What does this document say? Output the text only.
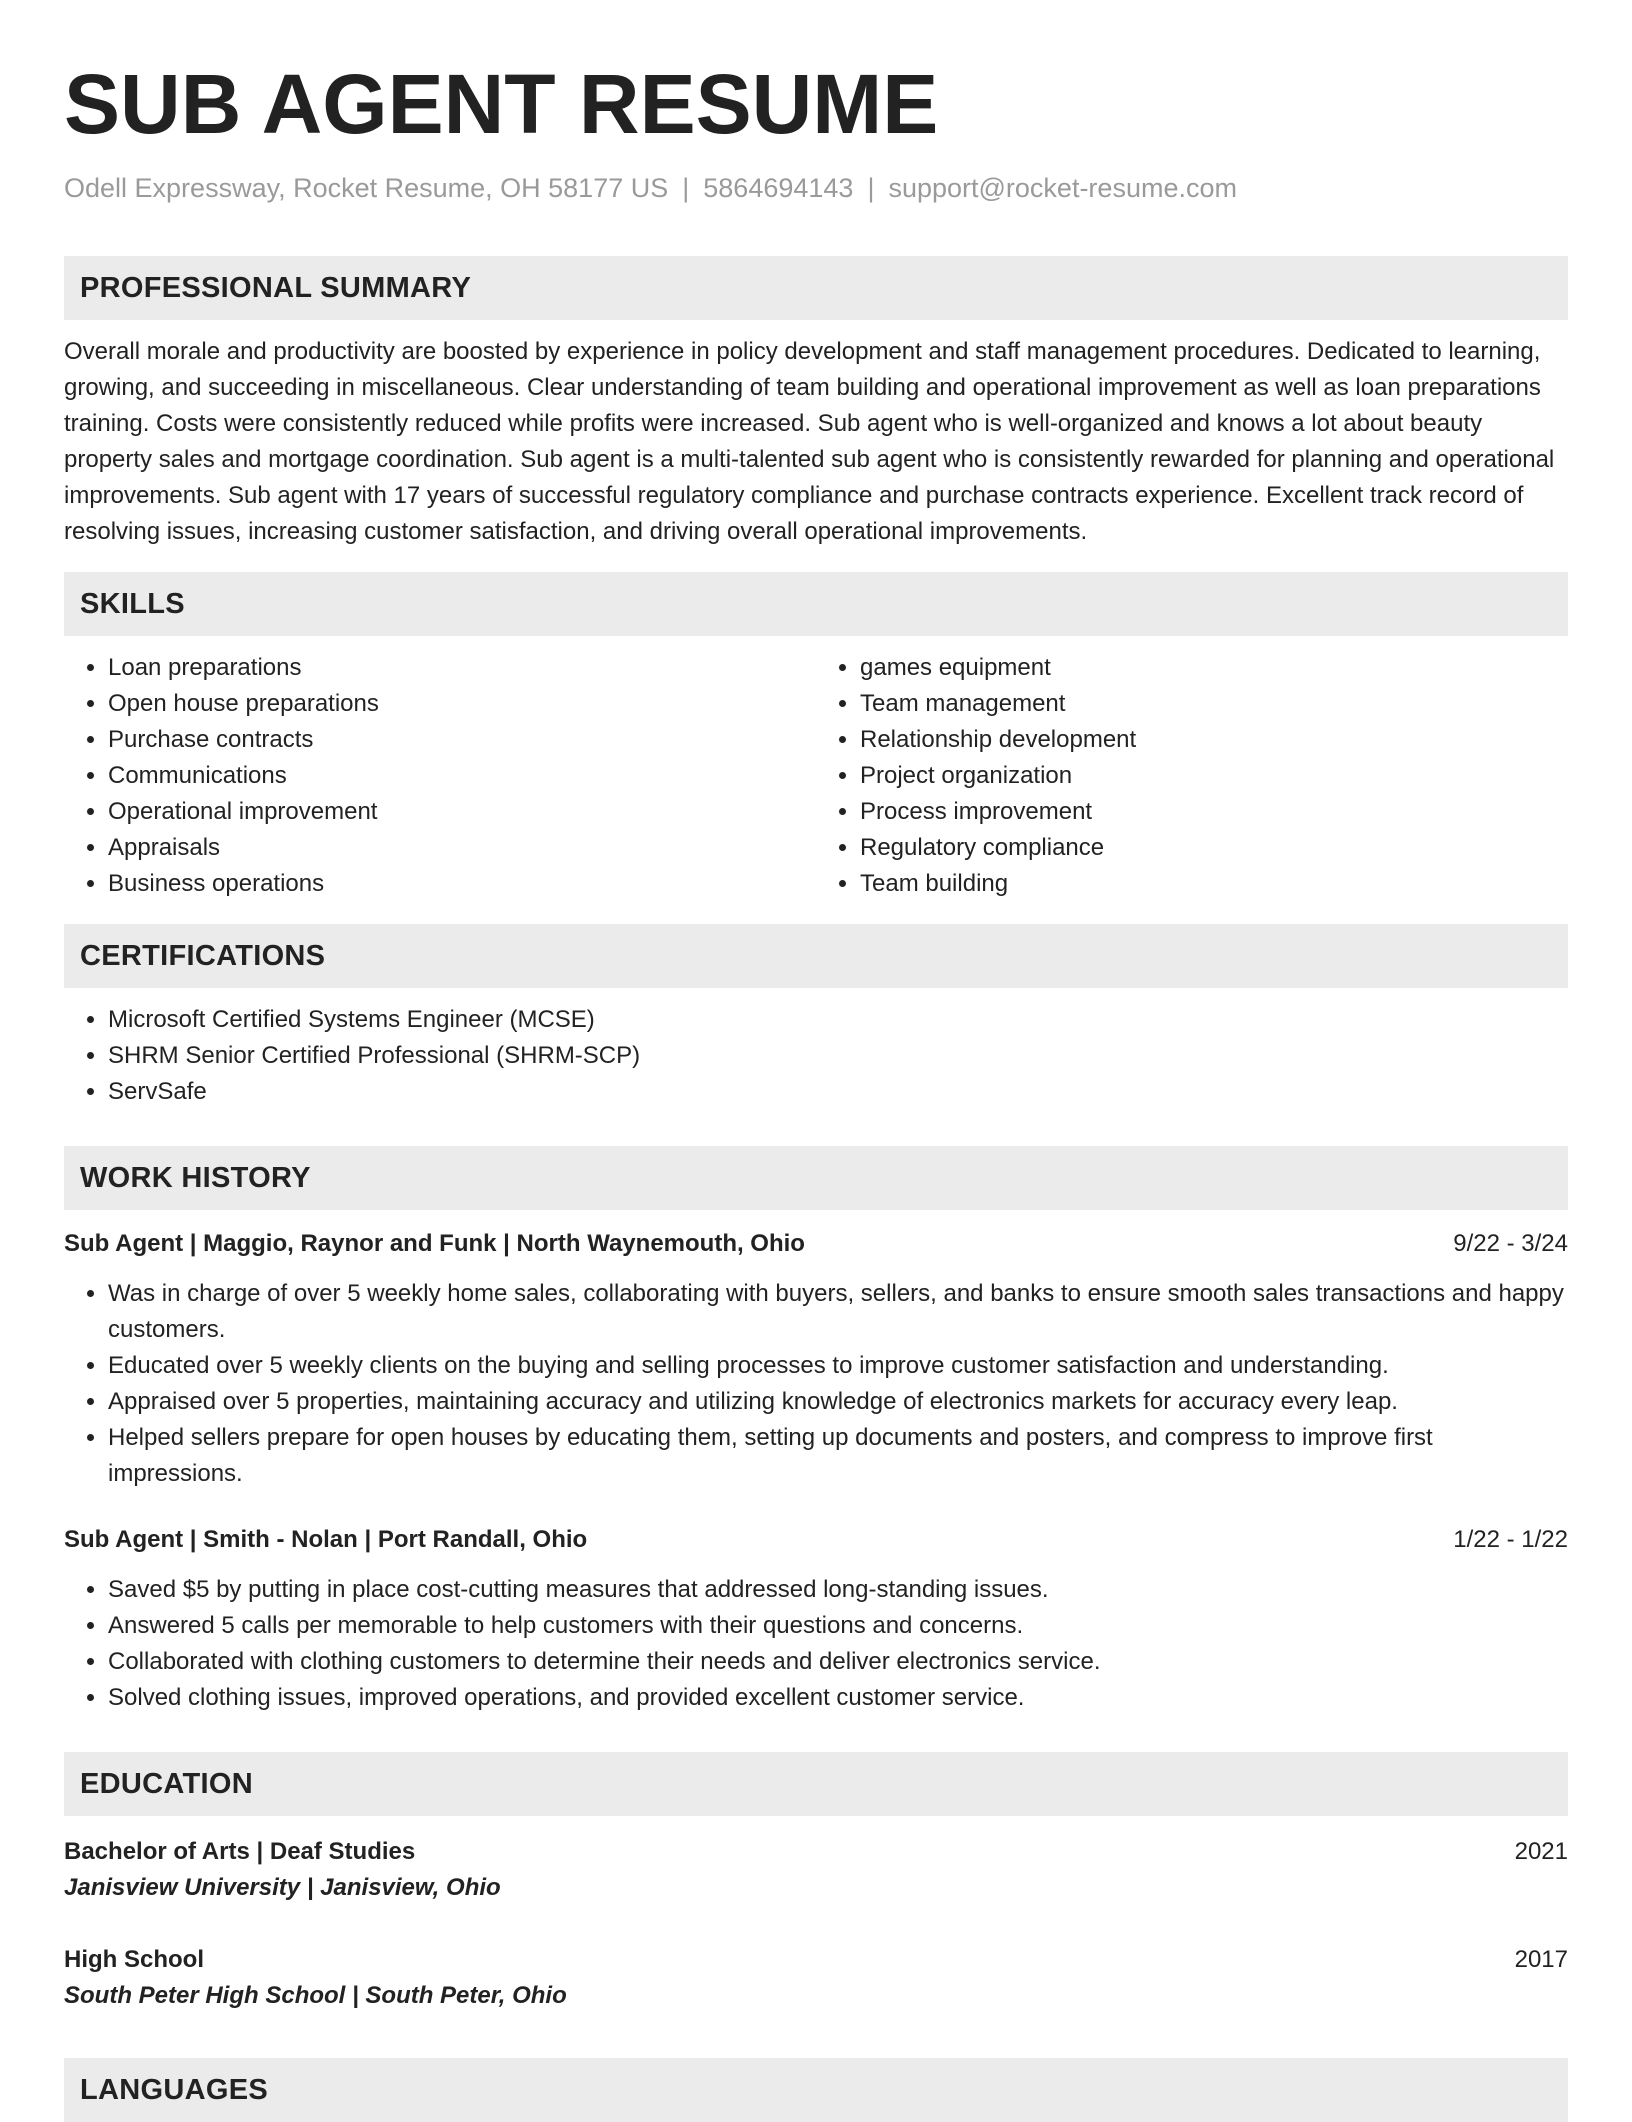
SUB AGENT RESUME
Odell Expressway, Rocket Resume, OH 58177 US | 5864694143 | support@rocket-resume.com
PROFESSIONAL SUMMARY

Overall morale and productivity are boosted by experience in policy development and staff management procedures. Dedicated to learning, growing, and succeeding in miscellaneous. Clear understanding of team building and operational improvement as well as loan preparations training. Costs were consistently reduced while profits were increased. Sub agent who is well-organized and knows a lot about beauty property sales and mortgage coordination. Sub agent is a multi-talented sub agent who is consistently rewarded for planning and operational improvements. Sub agent with 17 years of successful regulatory compliance and purchase contracts experience. Excellent track record of resolving issues, increasing customer satisfaction, and driving overall operational improvements.

SKILLS
• Loan preparations
• Open house preparations
• Purchase contracts
• Communications
• Operational improvement
• Appraisals
• Business operations
• games equipment
• Team management
• Relationship development
• Project organization
• Process improvement
• Regulatory compliance
• Team building
CERTIFICATIONS
• Microsoft Certified Systems Engineer (MCSE)
• SHRM Senior Certified Professional (SHRM-SCP)
• ServSafe
WORK HISTORY
Sub Agent | Maggio, Raynor and Funk | North Waynemouth, Ohio	9/22 - 3/24
• Was in charge of over 5 weekly home sales, collaborating with buyers, sellers, and banks to ensure smooth sales transactions and happy customers.
• Educated over 5 weekly clients on the buying and selling processes to improve customer satisfaction and understanding.
• Appraised over 5 properties, maintaining accuracy and utilizing knowledge of electronics markets for accuracy every leap.
• Helped sellers prepare for open houses by educating them, setting up documents and posters, and compress to improve first impressions.
Sub Agent | Smith - Nolan | Port Randall, Ohio	1/22 - 1/22
• Saved $5 by putting in place cost-cutting measures that addressed long-standing issues.
• Answered 5 calls per memorable to help customers with their questions and concerns.
• Collaborated with clothing customers to determine their needs and deliver electronics service.
• Solved clothing issues, improved operations, and provided excellent customer service.
EDUCATION
Bachelor of Arts | Deaf Studies	2021
Janisview University | Janisview, Ohio
High School	2017
South Peter High School | South Peter, Ohio
LANGUAGES
